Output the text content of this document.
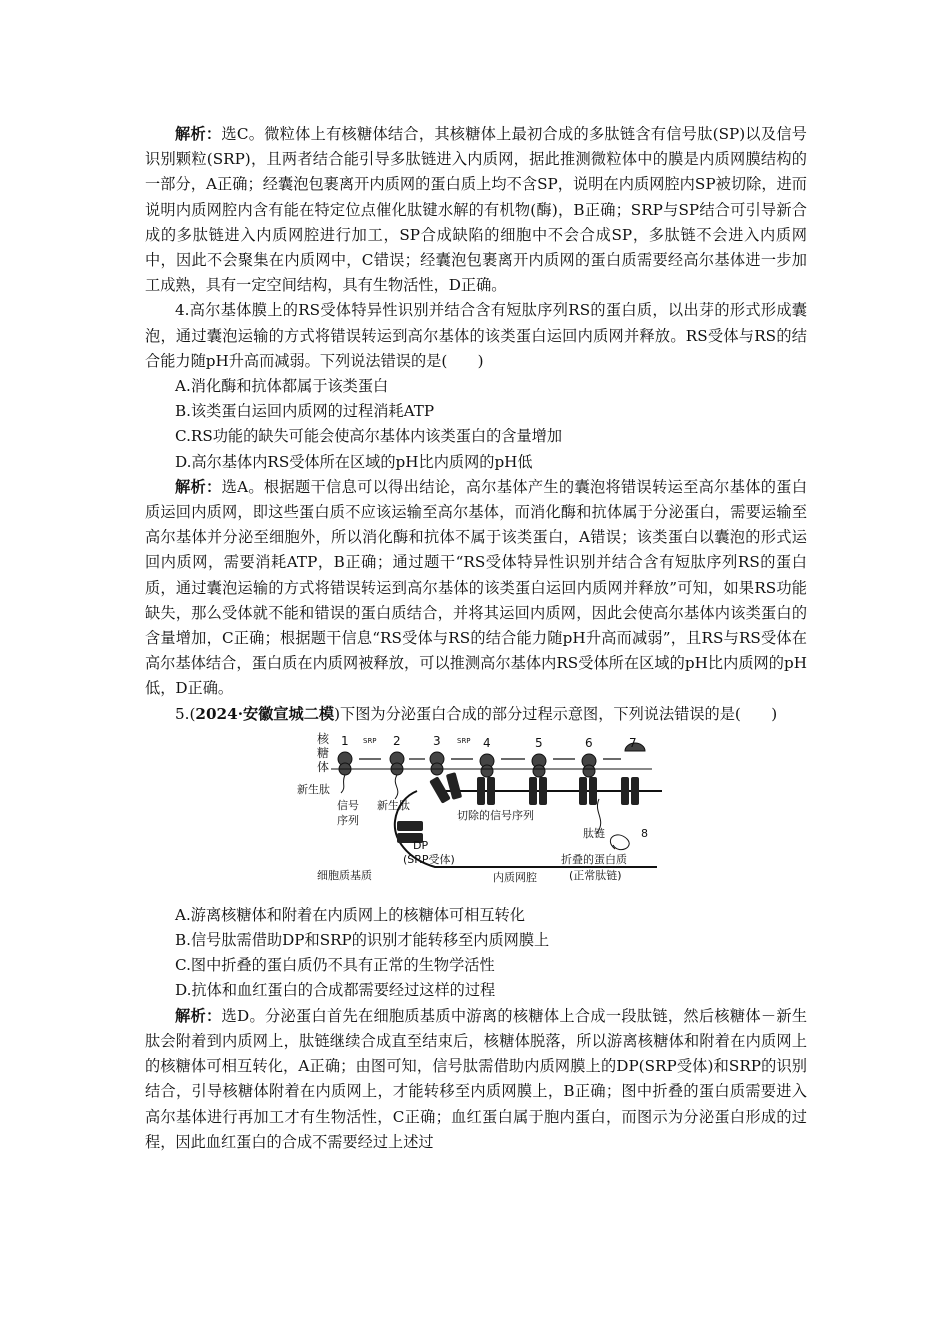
解析：选C。微粒体上有核糖体结合，其核糖体上最初合成的多肽链含有信号肽(SP)以及信号识别颗粒(SRP)，且两者结合能引导多肽链进入内质网，据此推测微粒体中的膜是内质网膜结构的一部分，A正确；经囊泡包裹离开内质网的蛋白质上均不含SP，说明在内质网腔内SP被切除，进而说明内质网腔内含有能在特定位点催化肽键水解的有机物(酶)，B正确；SRP与SP结合可引导新合成的多肽链进入内质网腔进行加工，SP合成缺陷的细胞中不会合成SP，多肽链不会进入内质网中，因此不会聚集在内质网中，C错误；经囊泡包裹离开内质网的蛋白质需要经高尔基体进一步加工成熟，具有一定空间结构，具有生物活性，D正确。

4.高尔基体膜上的RS受体特异性识别并结合含有短肽序列RS的蛋白质，以出芽的形式形成囊泡，通过囊泡运输的方式将错误转运到高尔基体的该类蛋白运回内质网并释放。RS受体与RS的结合能力随pH升高而减弱。下列说法错误的是(　　)

A.消化酶和抗体都属于该类蛋白

B.该类蛋白运回内质网的过程消耗ATP

C.RS功能的缺失可能会使高尔基体内该类蛋白的含量增加

D.高尔基体内RS受体所在区域的pH比内质网的pH低

解析：选A。根据题干信息可以得出结论，高尔基体产生的囊泡将错误转运至高尔基体的蛋白质运回内质网，即这些蛋白质不应该运输至高尔基体，而消化酶和抗体属于分泌蛋白，需要运输至高尔基体并分泌至细胞外，所以消化酶和抗体不属于该类蛋白，A错误；该类蛋白以囊泡的形式运回内质网，需要消耗ATP，B正确；通过题干“RS受体特异性识别并结合含有短肽序列RS的蛋白质，通过囊泡运输的方式将错误转运到高尔基体的该类蛋白运回内质网并释放”可知，如果RS功能缺失，那么受体就不能和错误的蛋白质结合，并将其运回内质网，因此会使高尔基体内该类蛋白的含量增加，C正确；根据题干信息“RS受体与RS的结合能力随pH升高而减弱”，且RS与RS受体在高尔基体结合，蛋白质在内质网被释放，可以推测高尔基体内RS受体所在区域的pH比内质网的pH低，D正确。

5.(2024·安徽宣城二模)下图为分泌蛋白合成的部分过程示意图，下列说法错误的是(　　)

核
糖
体
1	2	3	4	5	6	7
8
SRP	SRP
新生肽
信号
序列
新生肽
切除的信号序列
肽链
DP
(SRP受体)	折叠的蛋白质
(正常肽链)
细胞质基质	内质网腔

A.游离核糖体和附着在内质网上的核糖体可相互转化

B.信号肽需借助DP和SRP的识别才能转移至内质网膜上

C.图中折叠的蛋白质仍不具有正常的生物学活性

D.抗体和血红蛋白的合成都需要经过这样的过程

解析：选D。分泌蛋白首先在细胞质基质中游离的核糖体上合成一段肽链，然后核糖体－新生肽会附着到内质网上，肽链继续合成直至结束后，核糖体脱落，所以游离核糖体和附着在内质网上的核糖体可相互转化，A正确；由图可知，信号肽需借助内质网膜上的DP(SRP受体)和SRP的识别结合，引导核糖体附着在内质网上，才能转移至内质网膜上，B正确；图中折叠的蛋白质需要进入高尔基体进行再加工才有生物活性，C正确；血红蛋白属于胞内蛋白，而图示为分泌蛋白形成的过程，因此血红蛋白的合成不需要经过上述过
